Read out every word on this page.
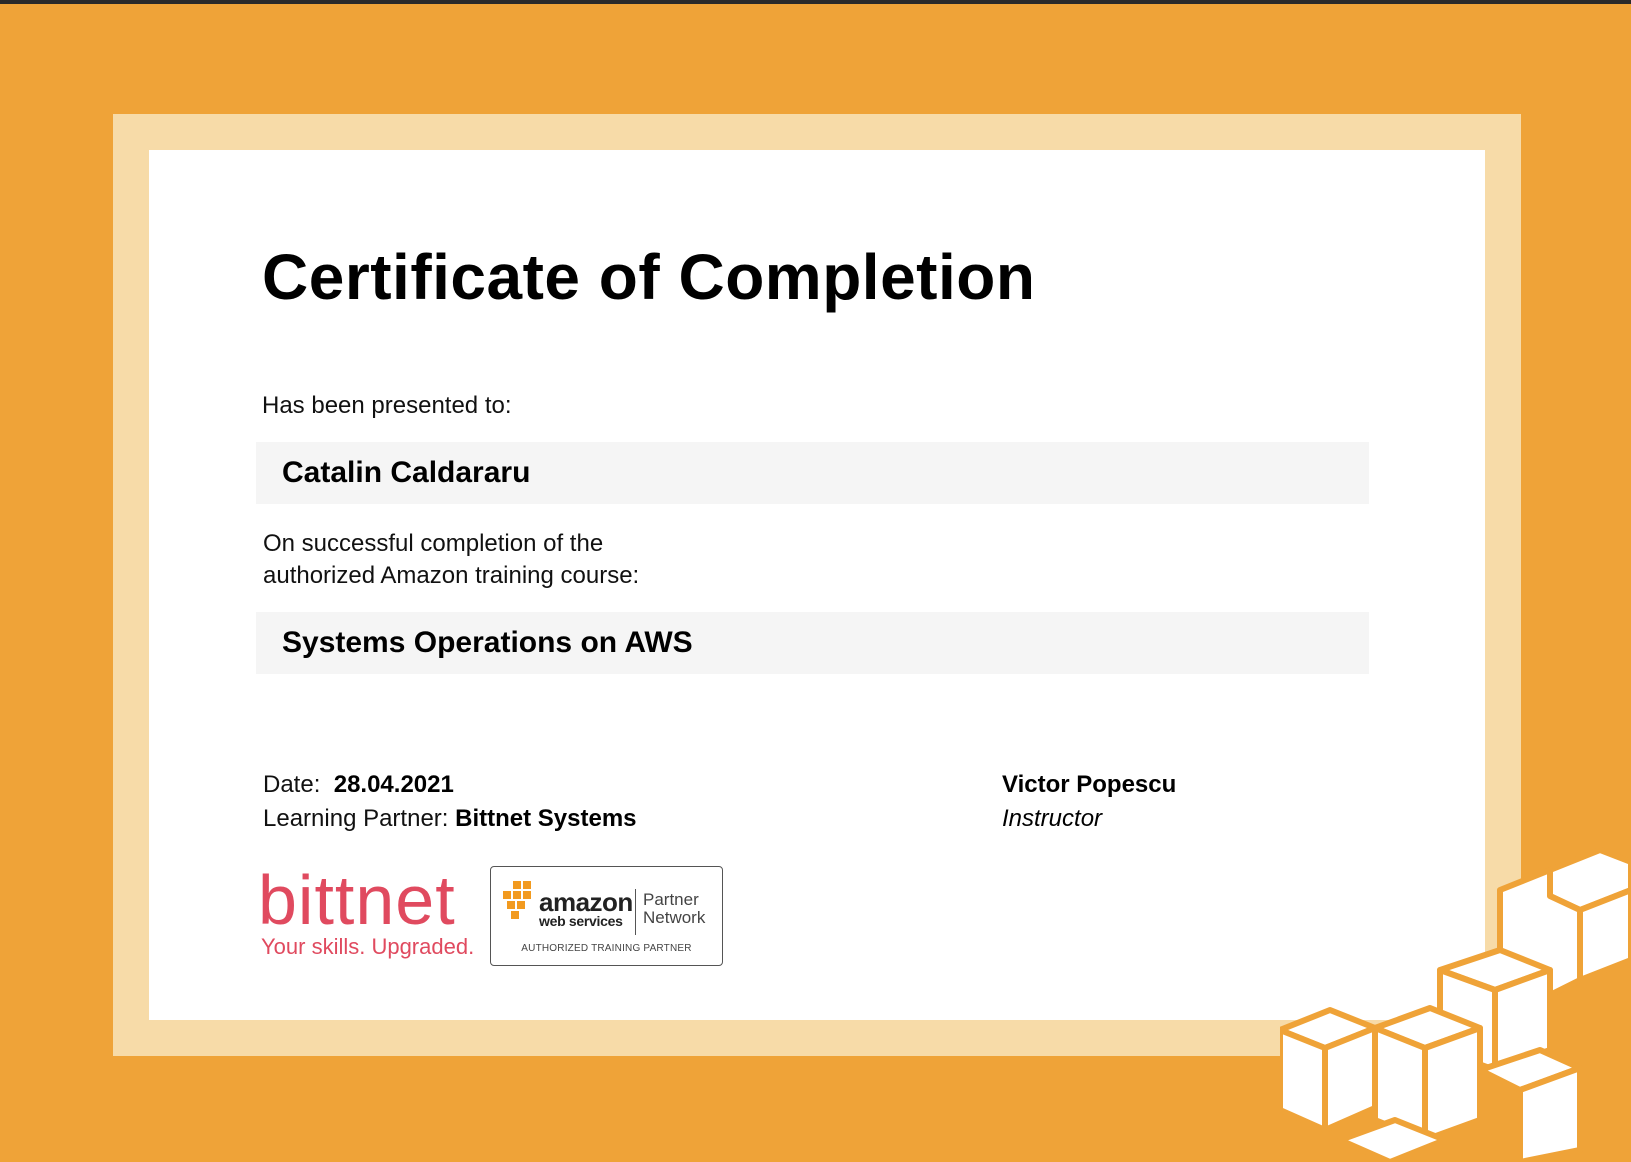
Certificate of Completion
Has been presented to:
Catalin Caldararu
On successful completion of the
authorized Amazon training course:
Systems Operations on AWS
Date: 28.04.2021
Learning Partner: Bittnet Systems
Victor Popescu
Instructor
bittnet
Your skills. Upgraded.
amazon
web services
Partner
Network
AUTHORIZED TRAINING PARTNER
